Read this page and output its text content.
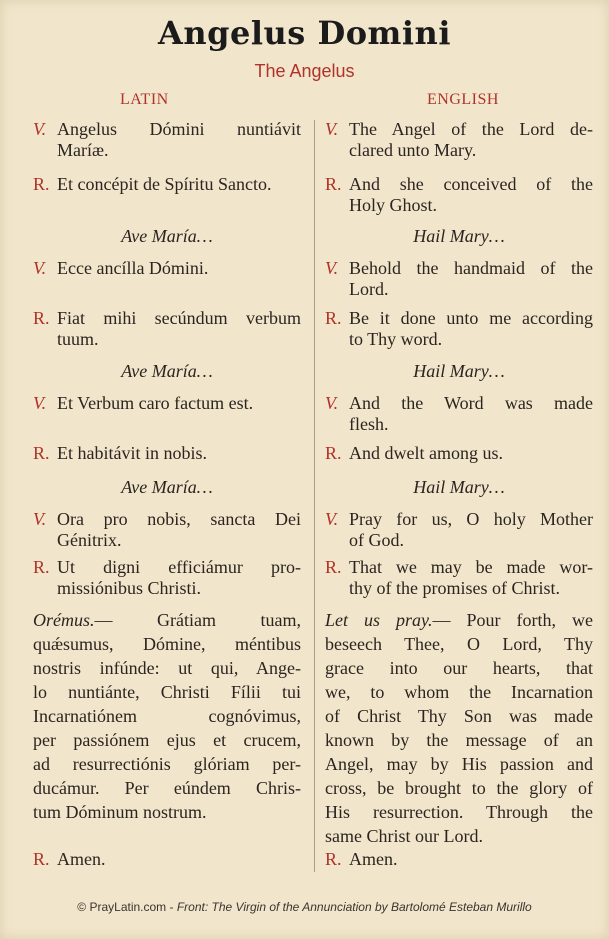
Angelus Domini
The Angelus
LATIN	ENGLISH
V. Angelus Dómini nuntiávit
Maríæ.
R. Et concépit de Spíritu Sancto.
Ave María…
V. Ecce ancílla Dómini.
R. Fiat mihi secúndum verbum
tuum.
Ave María…
V. Et Verbum caro factum est.
R. Et habitávit in nobis.
Ave María…
V. Ora pro nobis, sancta Dei
Génitrix.
R. Ut digni efficiámur pro-
missiónibus Christi.
Orémus.— Grátiam tuam,
quǽsumus, Dómine, méntibus
nostris infúnde: ut qui, Ange-
lo nuntiánte, Christi Fílii tui
Incarnatiónem cognóvimus,
per passiónem ejus et crucem,
ad resurrectiónis glóriam per-
ducámur. Per eúndem Chris-
tum Dóminum nostrum.
R. Amen.
V. The Angel of the Lord de-
clared unto Mary.
R. And she conceived of the
Holy Ghost.
Hail Mary…
V. Behold the handmaid of the
Lord.
R. Be it done unto me according
to Thy word.
Hail Mary…
V. And the Word was made
flesh.
R. And dwelt among us.
Hail Mary…
V. Pray for us, O holy Mother
of God.
R. That we may be made wor-
thy of the promises of Christ.
Let us pray.— Pour forth, we
beseech Thee, O Lord, Thy
grace into our hearts, that
we, to whom the Incarnation
of Christ Thy Son was made
known by the message of an
Angel, may by His passion and
cross, be brought to the glory of
His resurrection. Through the
same Christ our Lord.
R. Amen.
© PrayLatin.com - Front: The Virgin of the Annunciation by Bartolomé Esteban Murillo
